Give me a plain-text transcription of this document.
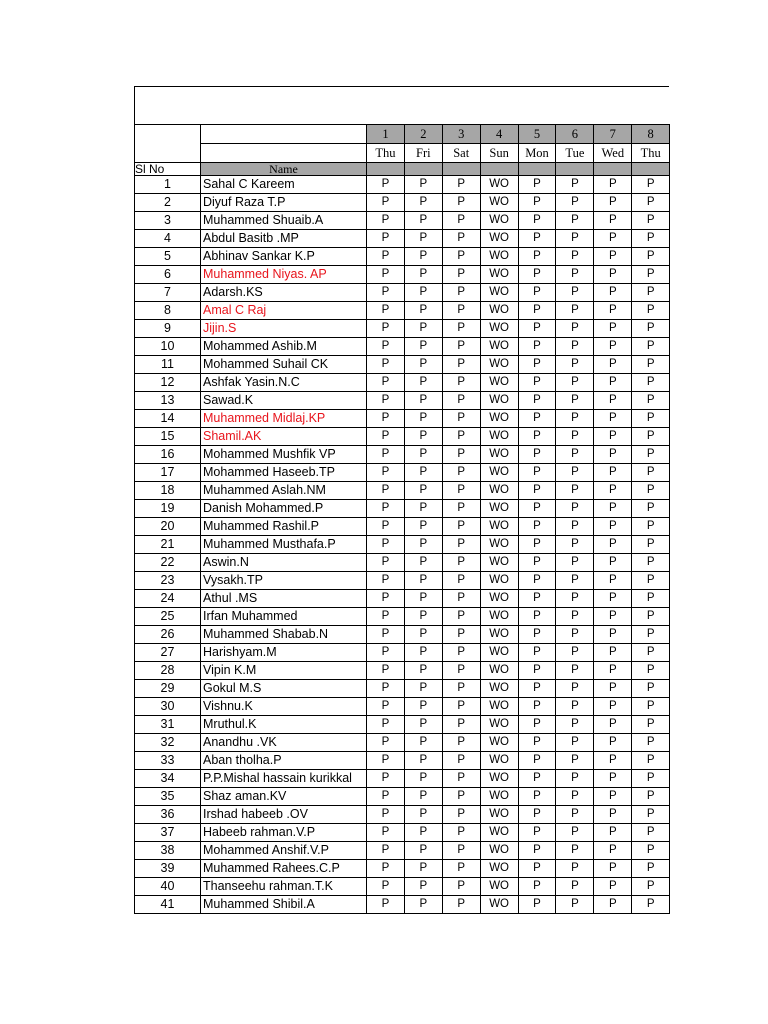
		1	2	3	4	5	6	7	8
		Thu	Fri	Sat	Sun	Mon	Tue	Wed	Thu
Sl No	Name								
1	Sahal C Kareem	P	P	P	WO	P	P	P	P
2	Diyuf Raza T.P	P	P	P	WO	P	P	P	P
3	Muhammed Shuaib.A	P	P	P	WO	P	P	P	P
4	Abdul Basitb .MP	P	P	P	WO	P	P	P	P
5	Abhinav Sankar K.P	P	P	P	WO	P	P	P	P
6	Muhammed Niyas. AP	P	P	P	WO	P	P	P	P
7	Adarsh.KS	P	P	P	WO	P	P	P	P
8	Amal C Raj	P	P	P	WO	P	P	P	P
9	Jijin.S	P	P	P	WO	P	P	P	P
10	Mohammed Ashib.M	P	P	P	WO	P	P	P	P
11	Mohammed Suhail CK	P	P	P	WO	P	P	P	P
12	Ashfak Yasin.N.C	P	P	P	WO	P	P	P	P
13	Sawad.K	P	P	P	WO	P	P	P	P
14	Muhammed Midlaj.KP	P	P	P	WO	P	P	P	P
15	Shamil.AK	P	P	P	WO	P	P	P	P
16	Mohammed Mushfik VP	P	P	P	WO	P	P	P	P
17	Mohammed Haseeb.TP	P	P	P	WO	P	P	P	P
18	Muhammed Aslah.NM	P	P	P	WO	P	P	P	P
19	Danish Mohammed.P	P	P	P	WO	P	P	P	P
20	Muhammed Rashil.P	P	P	P	WO	P	P	P	P
21	Muhammed Musthafa.P	P	P	P	WO	P	P	P	P
22	Aswin.N	P	P	P	WO	P	P	P	P
23	Vysakh.TP	P	P	P	WO	P	P	P	P
24	Athul .MS	P	P	P	WO	P	P	P	P
25	Irfan Muhammed	P	P	P	WO	P	P	P	P
26	Muhammed Shabab.N	P	P	P	WO	P	P	P	P
27	Harishyam.M	P	P	P	WO	P	P	P	P
28	Vipin K.M	P	P	P	WO	P	P	P	P
29	Gokul M.S	P	P	P	WO	P	P	P	P
30	Vishnu.K	P	P	P	WO	P	P	P	P
31	Mruthul.K	P	P	P	WO	P	P	P	P
32	Anandhu .VK	P	P	P	WO	P	P	P	P
33	Aban tholha.P	P	P	P	WO	P	P	P	P
34	P.P.Mishal hassain kurikkal	P	P	P	WO	P	P	P	P
35	Shaz aman.KV	P	P	P	WO	P	P	P	P
36	Irshad habeeb .OV	P	P	P	WO	P	P	P	P
37	Habeeb rahman.V.P	P	P	P	WO	P	P	P	P
38	Mohammed Anshif.V.P	P	P	P	WO	P	P	P	P
39	Muhammed Rahees.C.P	P	P	P	WO	P	P	P	P
40	Thanseehu rahman.T.K	P	P	P	WO	P	P	P	P
41	Muhammed Shibil.A	P	P	P	WO	P	P	P	P
